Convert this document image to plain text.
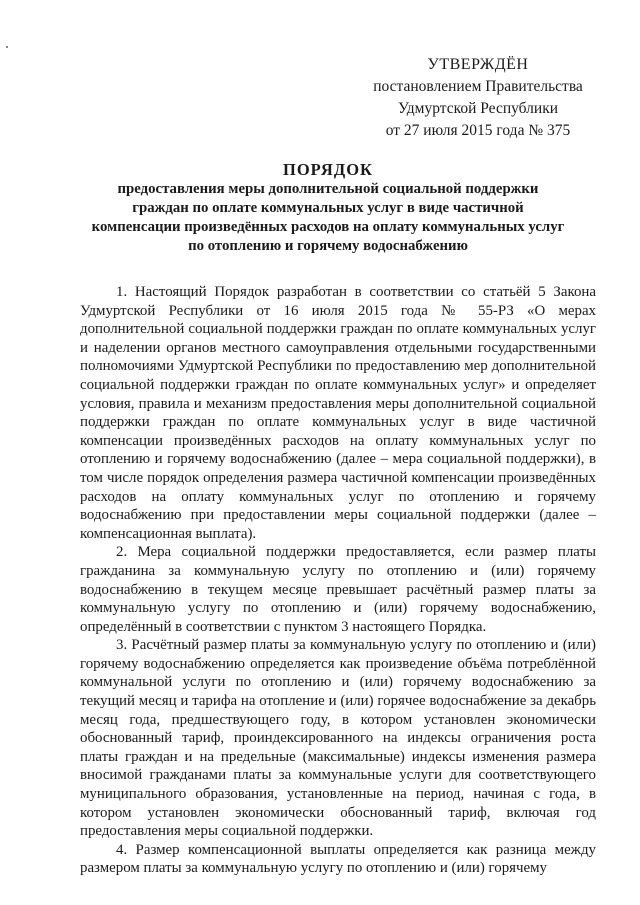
УТВЕРЖДЁН
постановлением Правительства
Удмуртской Республики
от 27 июля 2015 года № 375
ПОРЯДОК
предоставления меры дополнительной социальной поддержки граждан по оплате коммунальных услуг в виде частичной компенсации произведённых расходов на оплату коммунальных услуг по отоплению и горячему водоснабжению

1. Настоящий Порядок разработан в соответствии со статьёй 5 Закона Удмуртской Республики от 16 июля 2015 года № 55-РЗ «О мерах дополнительной социальной поддержки граждан по оплате коммунальных услуг и наделении органов местного самоуправления отдельными государственными полномочиями Удмуртской Республики по предоставлению мер дополнительной социальной поддержки граждан по оплате коммунальных услуг» и определяет условия, правила и механизм предоставления меры дополнительной социальной поддержки граждан по оплате коммунальных услуг в виде частичной компенсации произведённых расходов на оплату коммунальных услуг по отоплению и горячему водоснабжению (далее – мера социальной поддержки), в том числе порядок определения размера частичной компенсации произведённых расходов на оплату коммунальных услуг по отоплению и горячему водоснабжению при предоставлении меры социальной поддержки (далее – компенсационная выплата).

2. Мера социальной поддержки предоставляется, если размер платы гражданина за коммунальную услугу по отоплению и (или) горячему водоснабжению в текущем месяце превышает расчётный размер платы за коммунальную услугу по отоплению и (или) горячему водоснабжению, определённый в соответствии с пунктом 3 настоящего Порядка.

3. Расчётный размер платы за коммунальную услугу по отоплению и (или) горячему водоснабжению определяется как произведение объёма потреблённой коммунальной услуги по отоплению и (или) горячему водоснабжению за текущий месяц и тарифа на отопление и (или) горячее водоснабжение за декабрь месяц года, предшествующего году, в котором установлен экономически обоснованный тариф, проиндексированного на индексы ограничения роста платы граждан и на предельные (максимальные) индексы изменения размера вносимой гражданами платы за коммунальные услуги для соответствующего муниципального образования, установленные на период, начиная с года, в котором установлен экономически обоснованный тариф, включая год предоставления меры социальной поддержки.

4. Размер компенсационной выплаты определяется как разница между размером платы за коммунальную услугу по отоплению и (или) горячему
